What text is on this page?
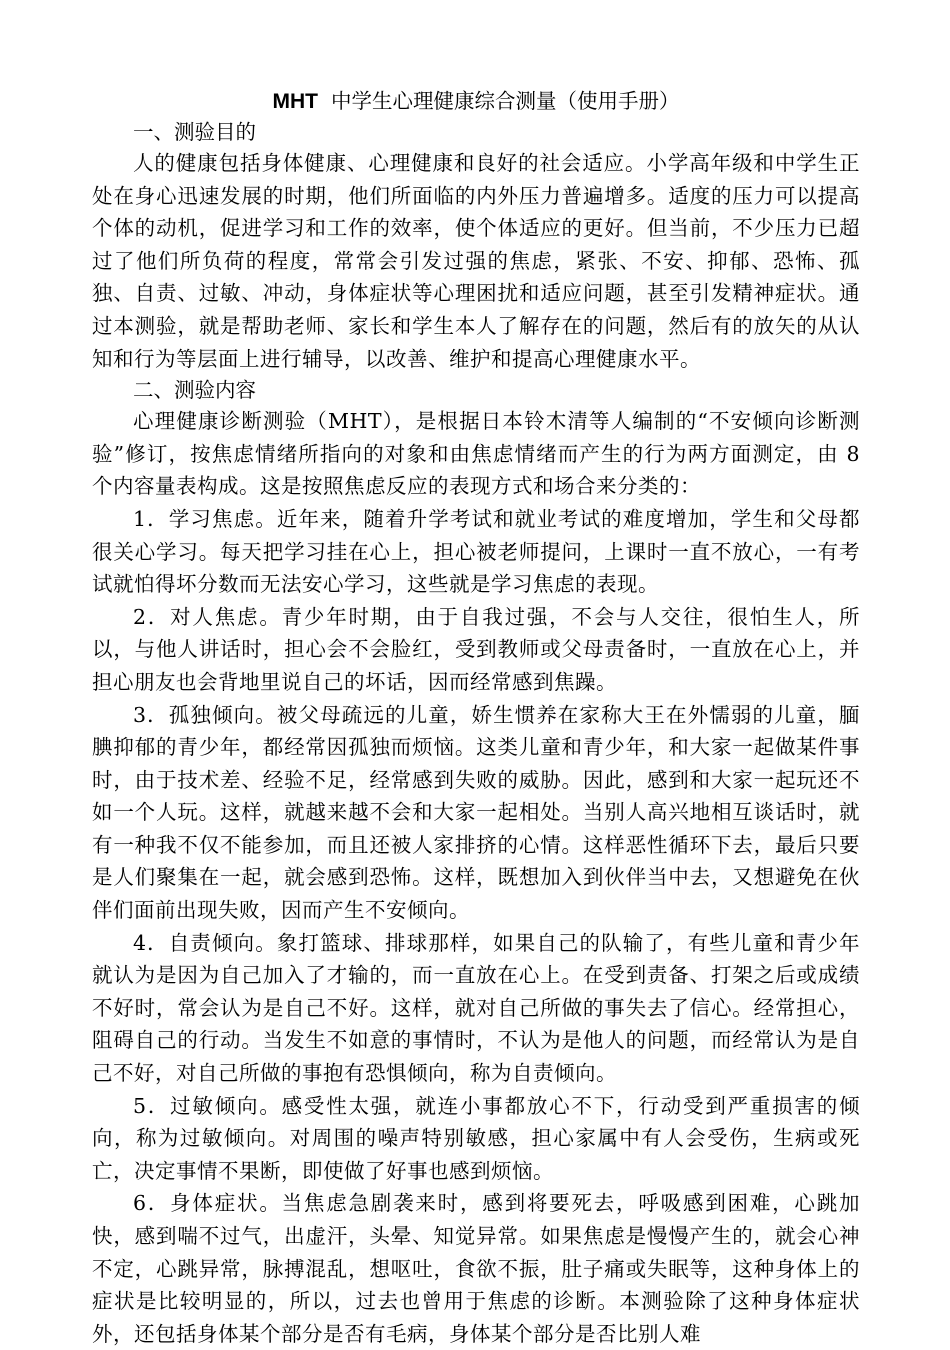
MHT 中学生心理健康综合测量（使用手册）
一、测验目的

人的健康包括身体健康、心理健康和良好的社会适应。小学高年级和中学生正处在身心迅速发展的时期，他们所面临的内外压力普遍增多。适度的压力可以提高个体的动机，促进学习和工作的效率，使个体适应的更好。但当前，不少压力已超过了他们所负荷的程度，常常会引发过强的焦虑，紧张、不安、抑郁、恐怖、孤独、自责、过敏、冲动，身体症状等心理困扰和适应问题，甚至引发精神症状。通过本测验，就是帮助老师、家长和学生本人了解存在的问题，然后有的放矢的从认知和行为等层面上进行辅导，以改善、维护和提高心理健康水平。

二、测验内容

心理健康诊断测验（MHT），是根据日本铃木清等人编制的“不安倾向诊断测验”修订，按焦虑情绪所指向的对象和由焦虑情绪而产生的行为两方面测定，由 8 个内容量表构成。这是按照焦虑反应的表现方式和场合来分类的：

1．学习焦虑。近年来，随着升学考试和就业考试的难度增加，学生和父母都很关心学习。每天把学习挂在心上，担心被老师提问，上课时一直不放心，一有考试就怕得坏分数而无法安心学习，这些就是学习焦虑的表现。

2．对人焦虑。青少年时期，由于自我过强，不会与人交往，很怕生人，所以，与他人讲话时，担心会不会脸红，受到教师或父母责备时，一直放在心上，并担心朋友也会背地里说自己的坏话，因而经常感到焦躁。

3．孤独倾向。被父母疏远的儿童，娇生惯养在家称大王在外懦弱的儿童，腼腆抑郁的青少年，都经常因孤独而烦恼。这类儿童和青少年，和大家一起做某件事时，由于技术差、经验不足，经常感到失败的威胁。因此，感到和大家一起玩还不如一个人玩。这样，就越来越不会和大家一起相处。当别人高兴地相互谈话时，就有一种我不仅不能参加，而且还被人家排挤的心情。这样恶性循环下去，最后只要是人们聚集在一起，就会感到恐怖。这样，既想加入到伙伴当中去，又想避免在伙伴们面前出现失败，因而产生不安倾向。

4．自责倾向。象打篮球、排球那样，如果自己的队输了，有些儿童和青少年就认为是因为自己加入了才输的，而一直放在心上。在受到责备、打架之后或成绩不好时，常会认为是自己不好。这样，就对自己所做的事失去了信心。经常担心，阻碍自己的行动。当发生不如意的事情时，不认为是他人的问题，而经常认为是自己不好，对自己所做的事抱有恐惧倾向，称为自责倾向。

5．过敏倾向。感受性太强，就连小事都放心不下，行动受到严重损害的倾向，称为过敏倾向。对周围的噪声特别敏感，担心家属中有人会受伤，生病或死亡，决定事情不果断，即使做了好事也感到烦恼。

6．身体症状。当焦虑急剧袭来时，感到将要死去，呼吸感到困难，心跳加快，感到喘不过气，出虚汗，头晕、知觉异常。如果焦虑是慢慢产生的，就会心神不定，心跳异常，脉搏混乱，想呕吐，食欲不振，肚子痛或失眠等，这种身体上的症状是比较明显的，所以，过去也曾用于焦虑的诊断。本测验除了这种身体症状外，还包括身体某个部分是否有毛病，身体某个部分是否比别人难
